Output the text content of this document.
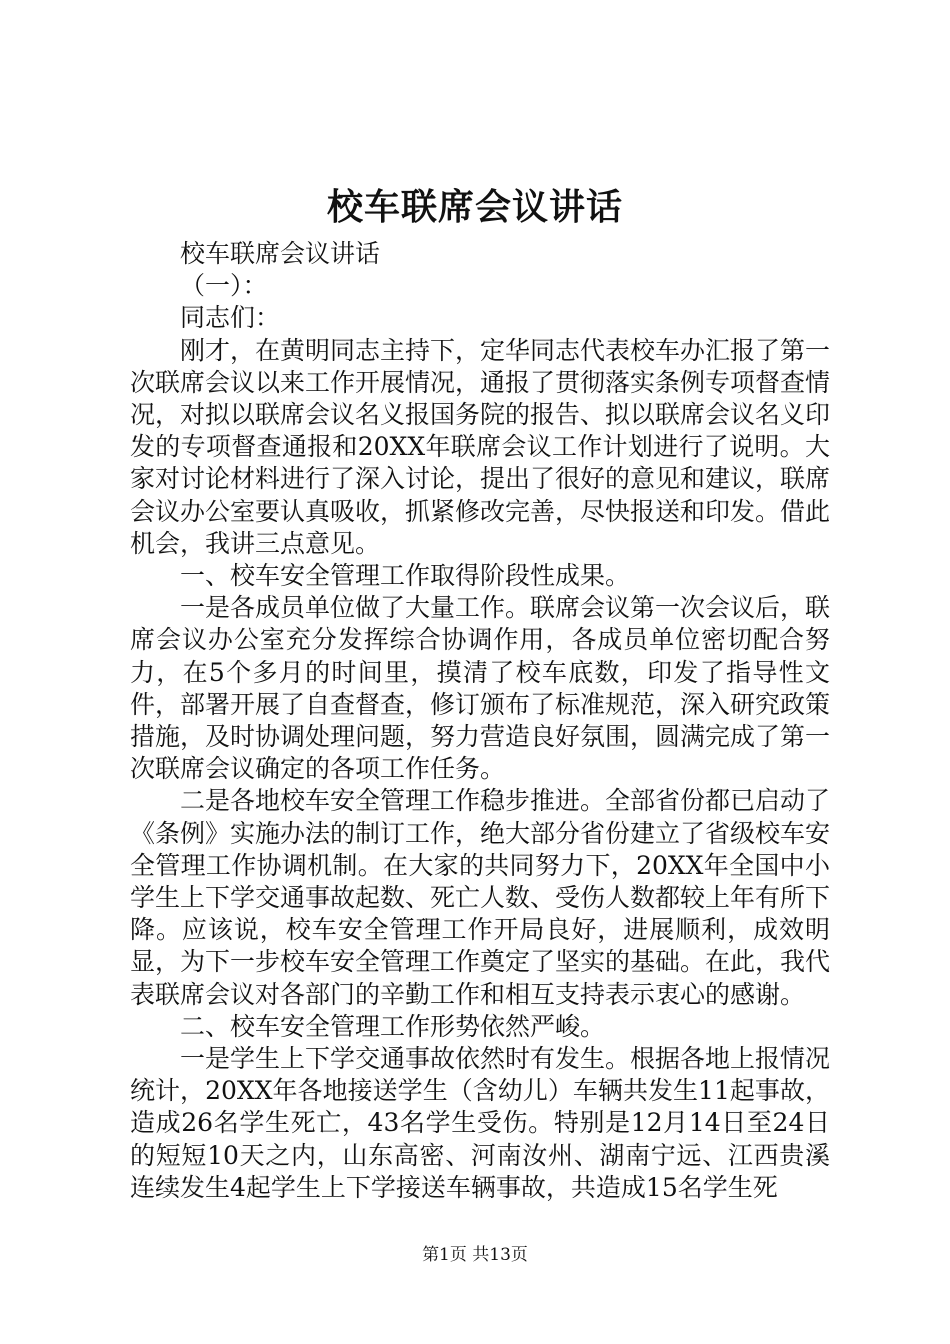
校车联席会议讲话

校车联席会议讲话

（一）：

同志们：

刚才，在黄明同志主持下，定华同志代表校车办汇报了第一次联席会议以来工作开展情况，通报了贯彻落实条例专项督查情况，对拟以联席会议名义报国务院的报告、拟以联席会议名义印发的专项督查通报和20XX年联席会议工作计划进行了说明。大家对讨论材料进行了深入讨论，提出了很好的意见和建议，联席会议办公室要认真吸收，抓紧修改完善，尽快报送和印发。借此机会，我讲三点意见。

一、校车安全管理工作取得阶段性成果。

一是各成员单位做了大量工作。联席会议第一次会议后，联席会议办公室充分发挥综合协调作用，各成员单位密切配合努力，在5个多月的时间里，摸清了校车底数，印发了指导性文件，部署开展了自查督查，修订颁布了标准规范，深入研究政策措施，及时协调处理问题，努力营造良好氛围，圆满完成了第一次联席会议确定的各项工作任务。

二是各地校车安全管理工作稳步推进。全部省份都已启动了《条例》实施办法的制订工作，绝大部分省份建立了省级校车安全管理工作协调机制。在大家的共同努力下，20XX年全国中小学生上下学交通事故起数、死亡人数、受伤人数都较上年有所下降。应该说，校车安全管理工作开局良好，进展顺利，成效明显，为下一步校车安全管理工作奠定了坚实的基础。在此，我代表联席会议对各部门的辛勤工作和相互支持表示衷心的感谢。

二、校车安全管理工作形势依然严峻。

一是学生上下学交通事故依然时有发生。根据各地上报情况统计，20XX年各地接送学生（含幼儿）车辆共发生11起事故，造成26名学生死亡，43名学生受伤。特别是12月14日至24日的短短10天之内，山东高密、河南汝州、湖南宁远、江西贵溪连续发生4起学生上下学接送车辆事故，共造成15名学生死

第1页 共13页
